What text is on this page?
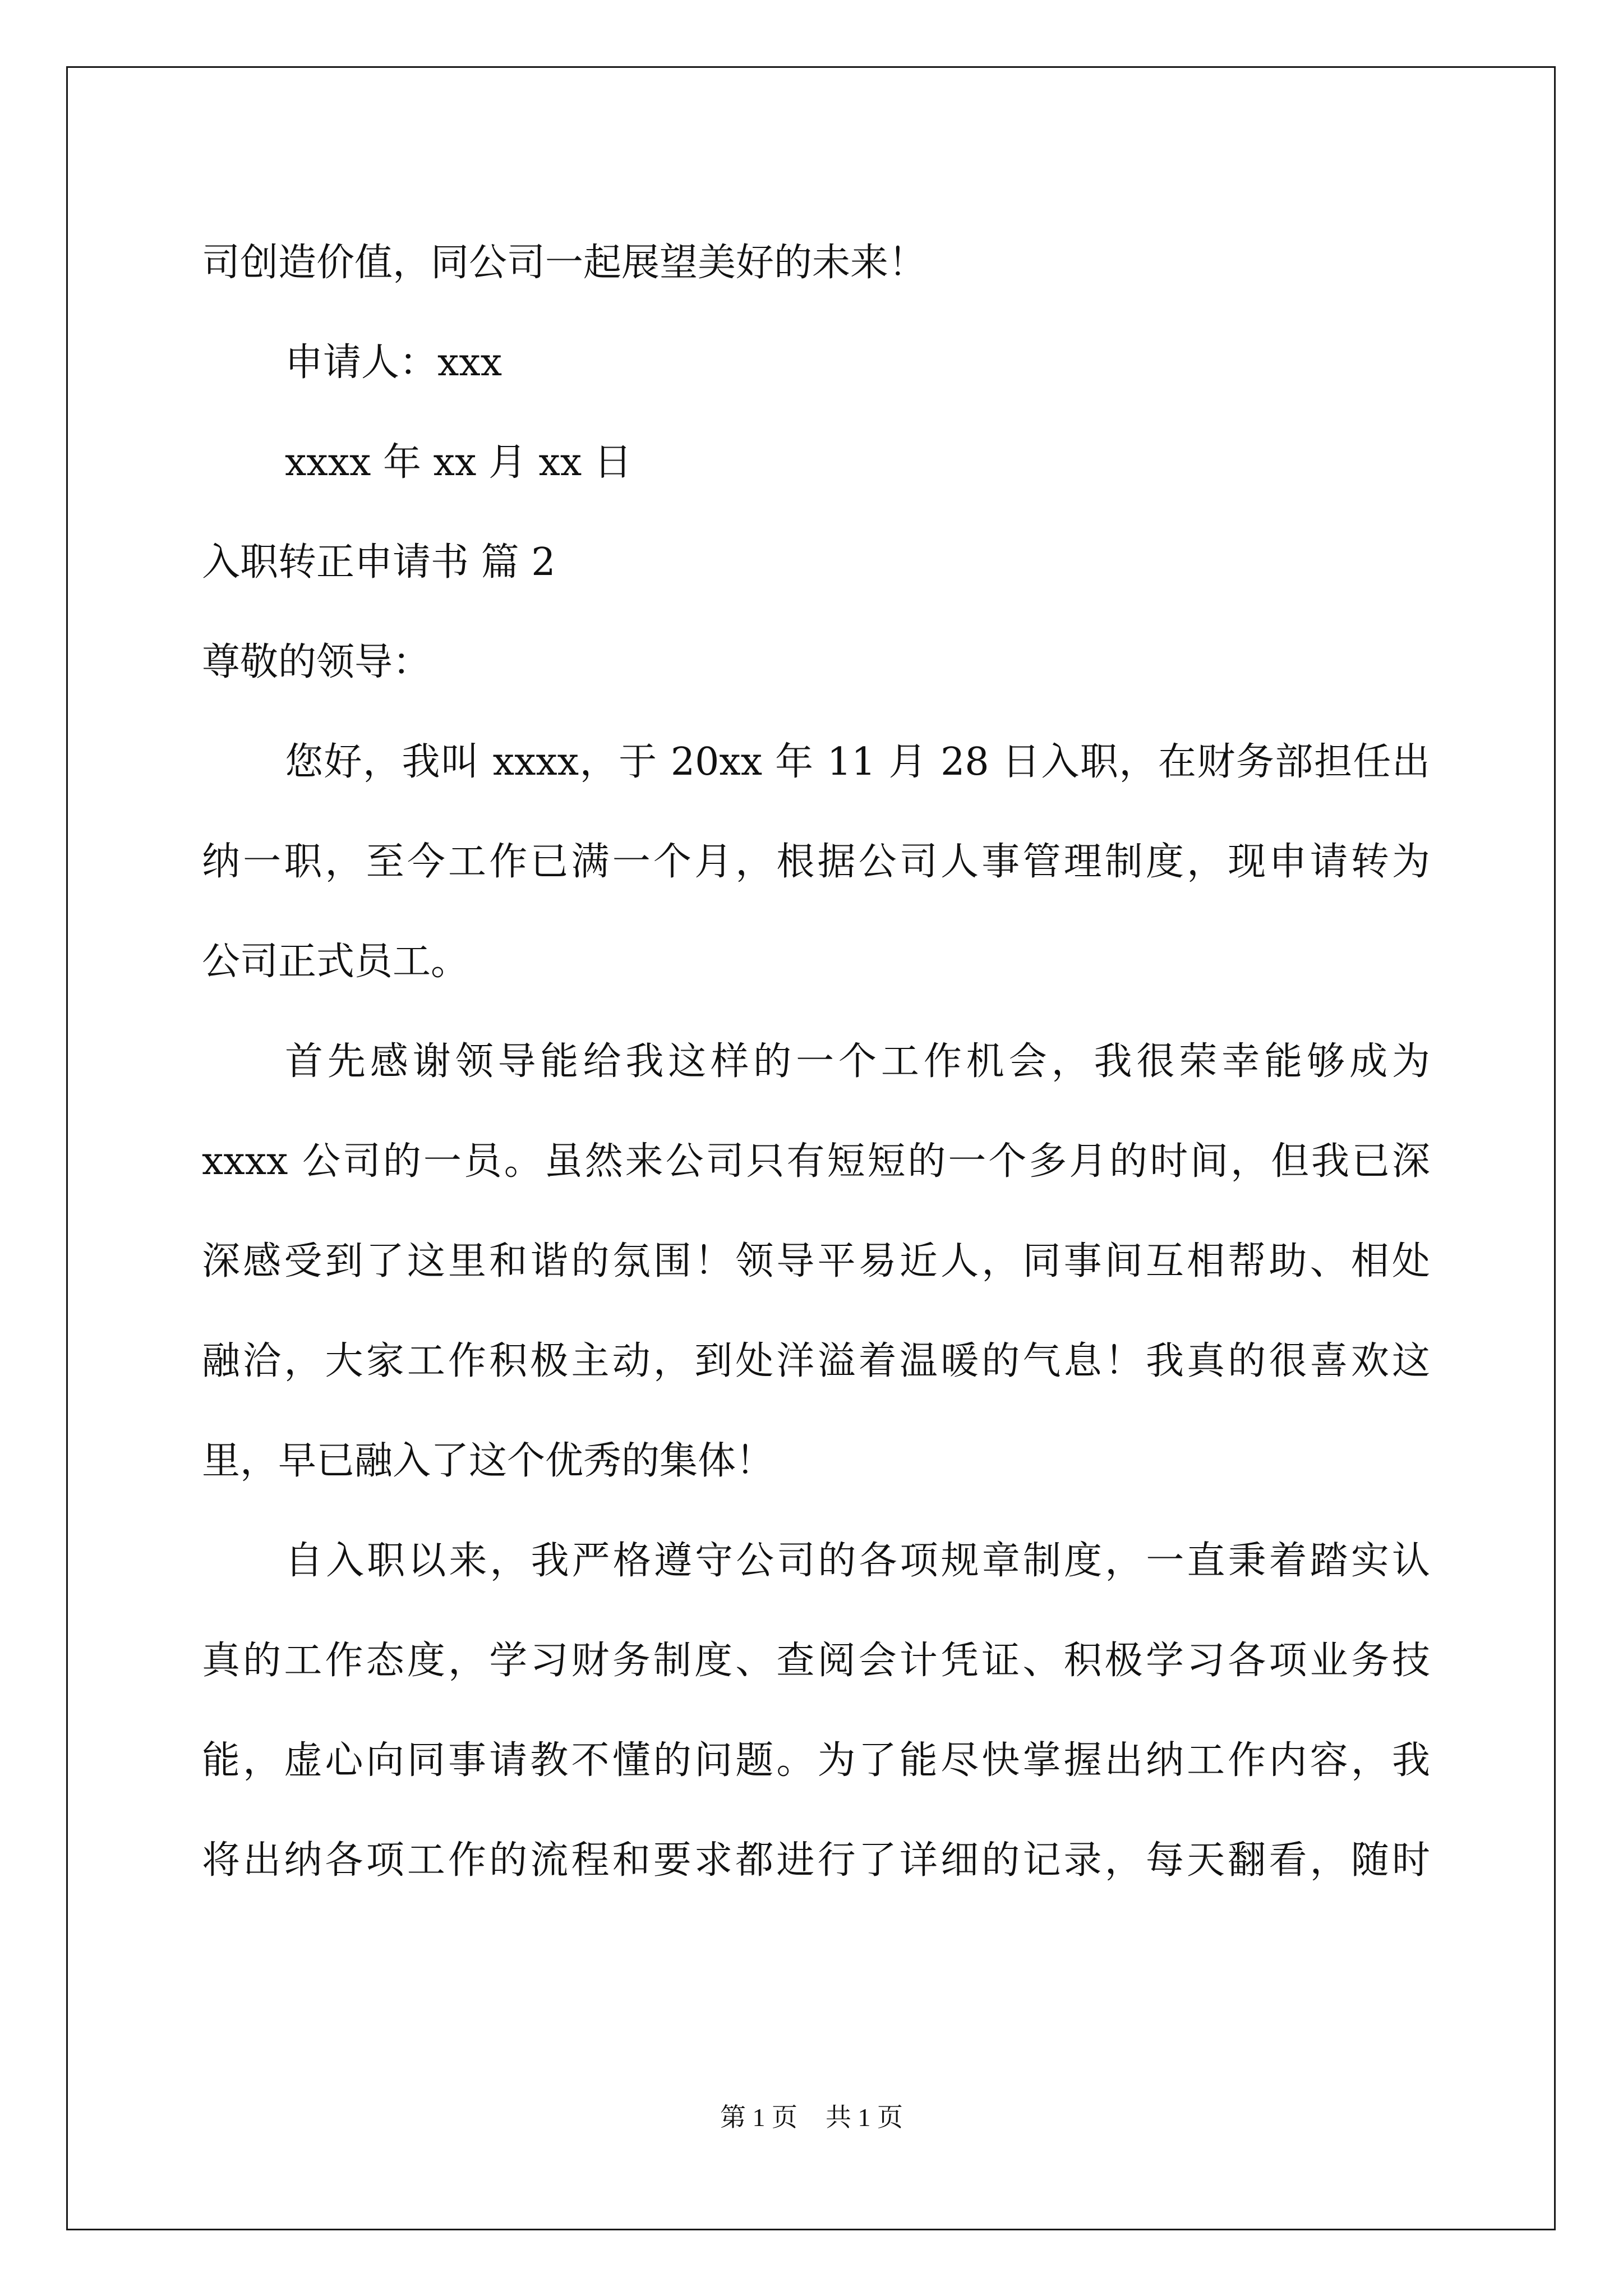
司创造价值，同公司一起展望美好的未来！
申请人：xxx
xxxx 年 xx 月 xx 日
入职转正申请书 篇 2
尊敬的领导：
您好，我叫 xxxx，于 20xx 年 11 月 28 日入职，在财务部担任出
纳一职，至今工作已满一个月，根据公司人事管理制度，现申请转为
公司正式员工。
首先感谢领导能给我这样的一个工作机会，我很荣幸能够成为
xxxx 公司的一员。虽然来公司只有短短的一个多月的时间，但我已深
深感受到了这里和谐的氛围！领导平易近人，同事间互相帮助、相处
融洽，大家工作积极主动，到处洋溢着温暖的气息！我真的很喜欢这
里，早已融入了这个优秀的集体！
自入职以来，我严格遵守公司的各项规章制度，一直秉着踏实认
真的工作态度，学习财务制度、查阅会计凭证、积极学习各项业务技
能，虚心向同事请教不懂的问题。为了能尽快掌握出纳工作内容，我
将出纳各项工作的流程和要求都进行了详细的记录，每天翻看，随时
第 1 页 共 1 页
